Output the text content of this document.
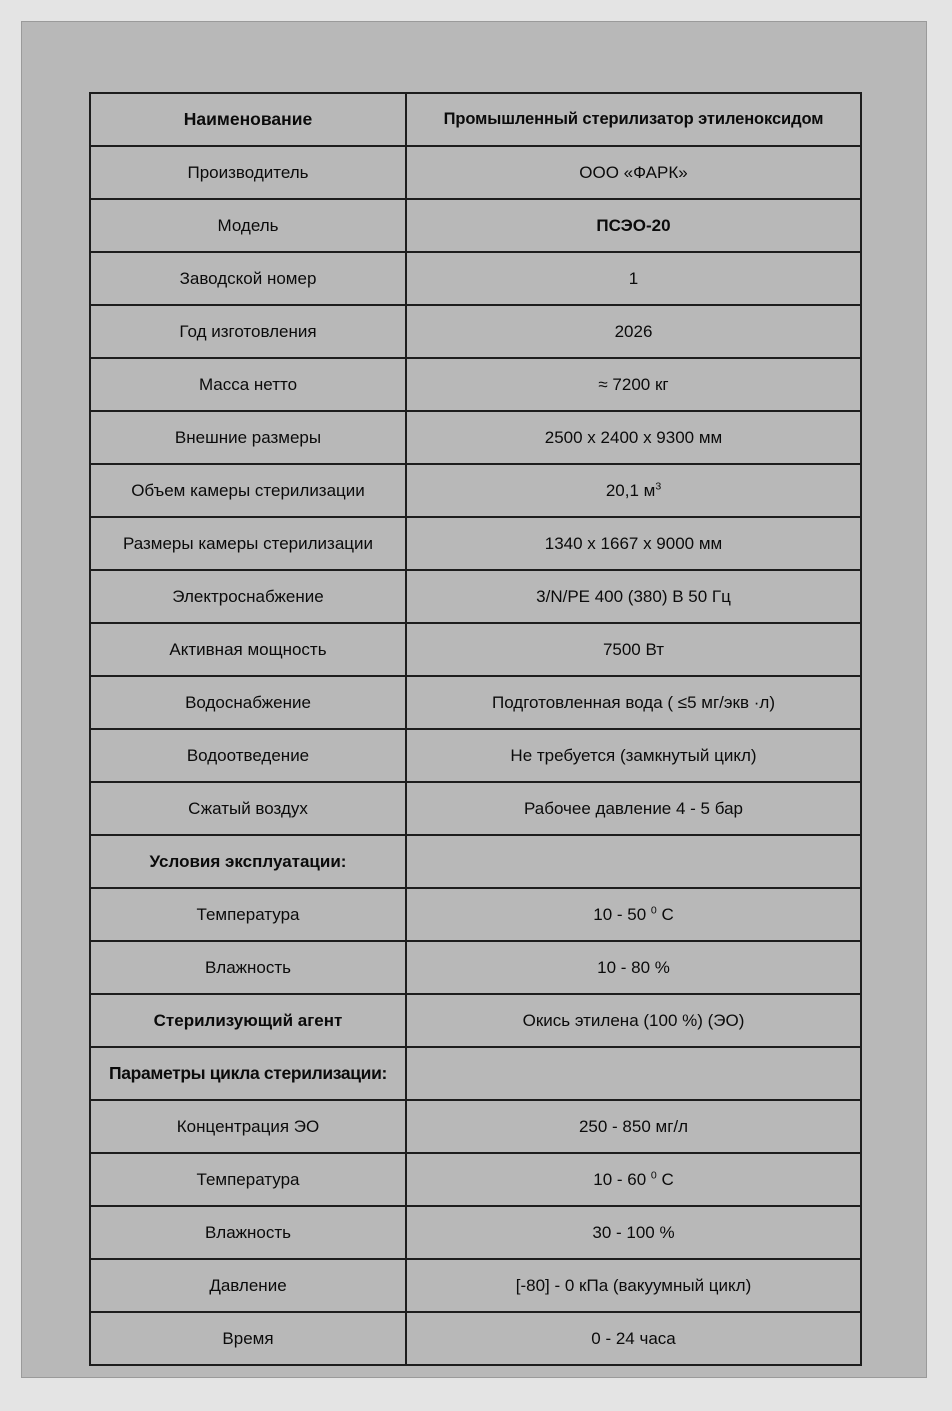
Наименование	Промышленный стерилизатор этиленоксидом
Производитель	ООО «ФАРК»
Модель	ПСЭО-20
Заводской номер	1
Год изготовления	2026
Масса нетто	≈ 7200 кг
Внешние размеры	2500 х 2400 х 9300 мм
Объем камеры стерилизации	20,1 $м^3$
Размеры камеры стерилизации	1340 х 1667 х 9000 мм
Электроснабжение	3/N/PE 400 (380) В 50 Гц
Активная мощность	7500 Вт
Водоснабжение	Подготовленная вода ( ≤5 мг/экв ·л)
Водоотведение	Не требуется (замкнутый цикл)
Сжатый воздух	Рабочее давление 4 - 5 бар
Условия эксплуатации:	
Температура	10 - 50 $^0$ C
Влажность	10 - 80 %
Стерилизующий агент	Окись этилена (100 %) (ЭО)
Параметры цикла стерилизации:	
Концентрация ЭО	250 - 850 мг/л
Температура	10 - 60 $^0$ C
Влажность	30 - 100 %
Давление	[-80] - 0 кПа (вакуумный цикл)
Время	0 - 24 часа
